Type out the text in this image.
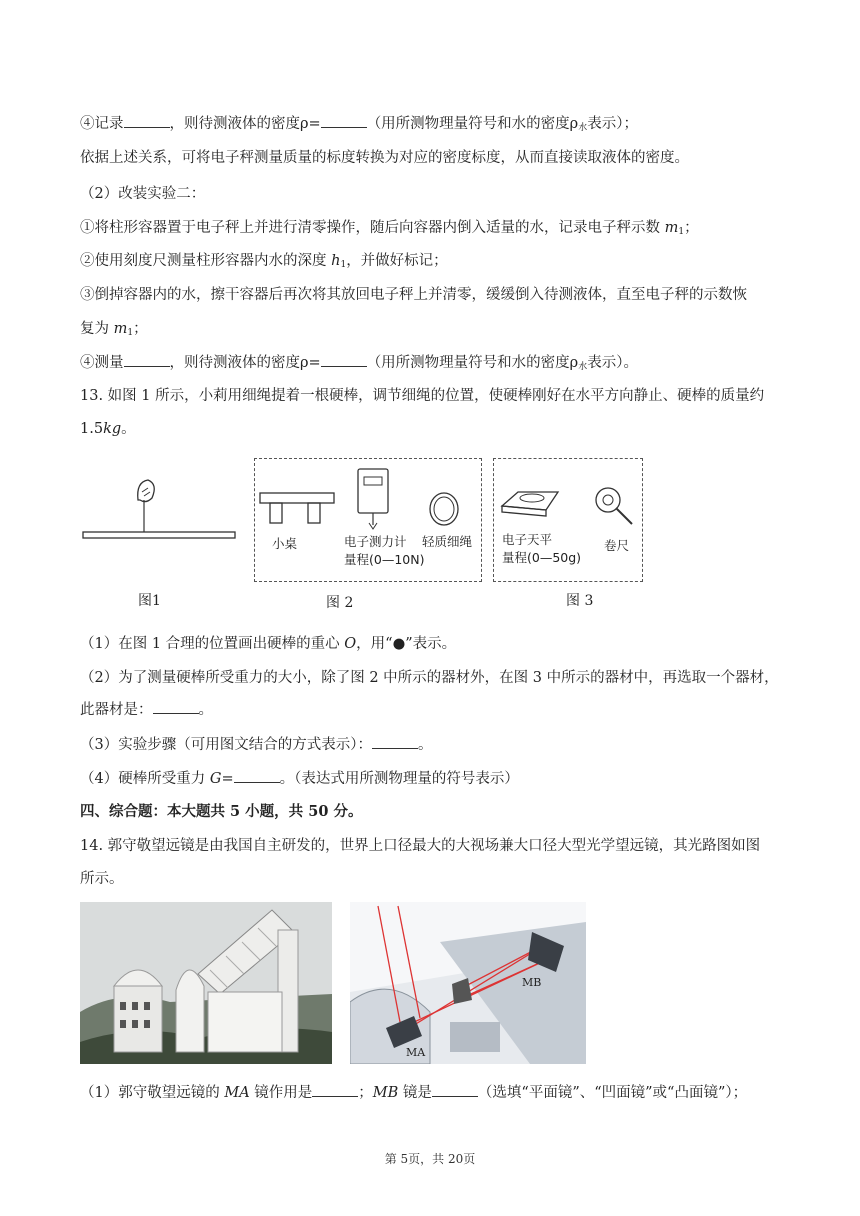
④记录	，则待测液体的密度ρ=	（用所测物理量符号和水的密度$\rho_水$表示）；
依据上述关系，可将电子秤测量质量的标度转换为对应的密度标度，从而直接读取液体的密度。
（2）改装实验二：
①将柱形容器置于电子秤上并进行清零操作，随后向容器内倒入适量的水，记录电子秤示数 $m_1$；
②使用刻度尺测量柱形容器内水的深度 $h_1$，并做好标记；
③倒掉容器内的水，擦干容器后再次将其放回电子秤上并清零，缓缓倒入待测液体，直至电子秤的示数恢
复为 $m_1$；
④测量	，则待测液体的密度ρ=	（用所测物理量符号和水的密度$\rho_水$表示）。
13. 如图 1 所示，小莉用细绳提着一根硬棒，调节细绳的位置，使硬棒刚好在水平方向静止、硬棒的质量约
1.5kg。
图1
小桌	电子测力计
量程(0—10N)
轻质细绳
图 2
电子天平
量程(0—50g)
卷尺
图 3
（1）在图 1 合理的位置画出硬棒的重心 O，用“●”表示。
（2）为了测量硬棒所受重力的大小，除了图 2 中所示的器材外，在图 3 中所示的器材中，再选取一个器材，
此器材是：	。
（3）实验步骤（可用图文结合的方式表示）：	。
（4）硬棒所受重力 G=	。（表达式用所测物理量的符号表示）
四、综合题：本大题共 5 小题，共 50 分。
14. 郭守敬望远镜是由我国自主研发的，世界上口径最大的大视场兼大口径大型光学望远镜，其光路图如图
所示。
MB
MA
（1）郭守敬望远镜的 MA 镜作用是	；MB 镜是	（选填“平面镜”、“凹面镜”或“凸面镜”）；
第 5页，共 20页
